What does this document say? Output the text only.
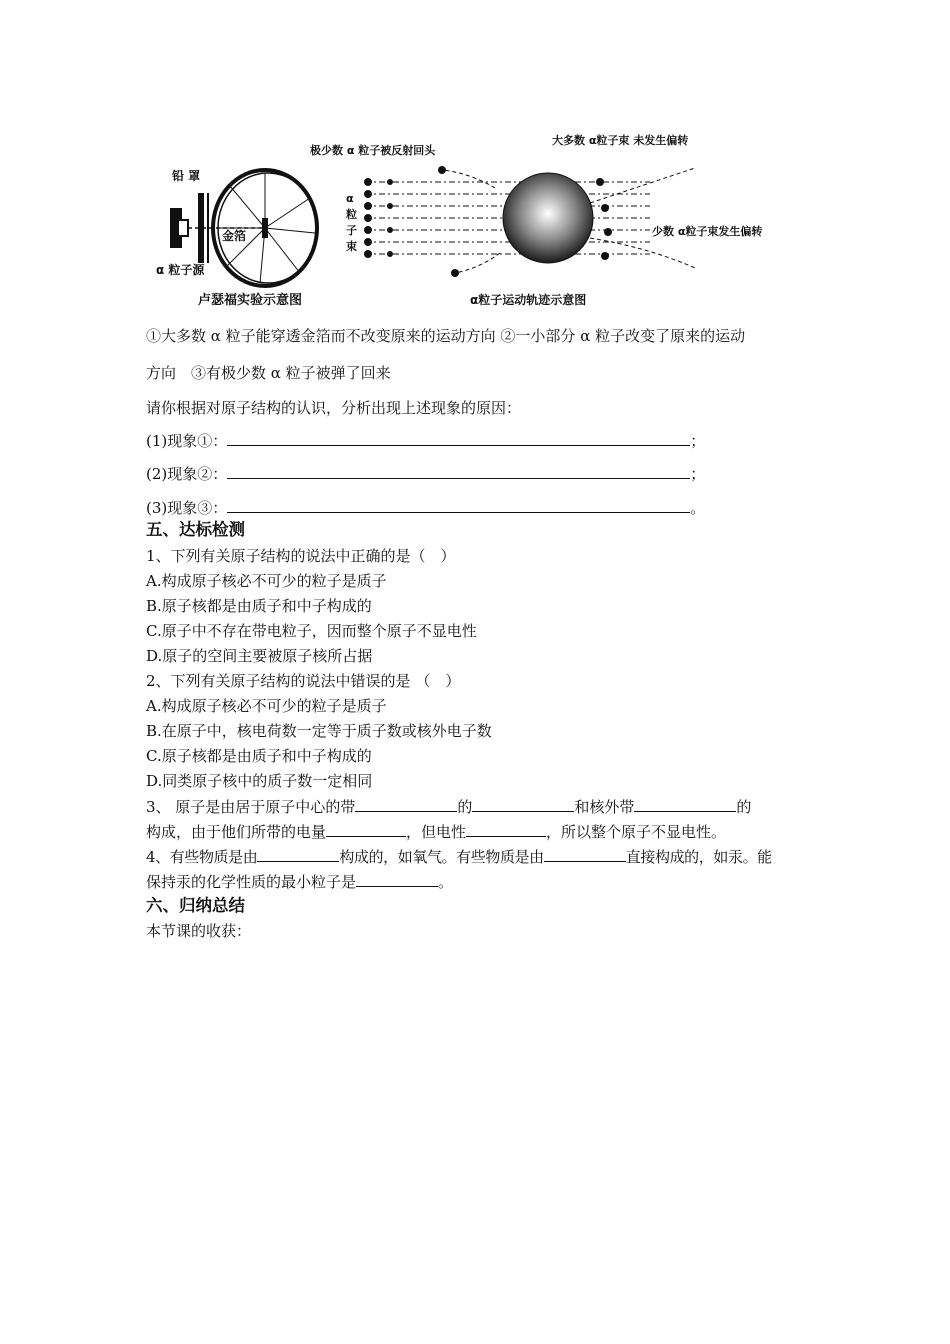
铅 罩
金箔
α 粒子源
卢瑟福实验示意图
极少数 α 粒子被反射回头
α
粒
子
束
大多数 α粒子束 未发生偏转
少数 α粒子束发生偏转
α粒子运动轨迹示意图
①大多数 α 粒子能穿透金箔而不改变原来的运动方向 ②一小部分 α 粒子改变了原来的运动
方向　③有极少数 α 粒子被弹了回来
请你根据对原子结构的认识，分析出现上述现象的原因：
(1)现象①：	；
(2)现象②：	；
(3)现象③：	。
五、达标检测
1、下列有关原子结构的说法中正确的是（　）
A.构成原子核必不可少的粒子是质子
B.原子核都是由质子和中子构成的
C.原子中不存在带电粒子，因而整个原子不显电性
D.原子的空间主要被原子核所占据
2、下列有关原子结构的说法中错误的是 （　）
A.构成原子核必不可少的粒子是质子
B.在原子中，核电荷数一定等于质子数或核外电子数
C.原子核都是由质子和中子构成的
D.同类原子核中的质子数一定相同
3、 原子是由居于原子中心的带	的	和核外带	的
构成，由于他们所带的电量	，但电性	，所以整个原子不显电性。
4、有些物质是由	构成的，如氧气。有些物质是由	直接构成的，如汞。能
保持汞的化学性质的最小粒子是	。
六、归纳总结
本节课的收获：
